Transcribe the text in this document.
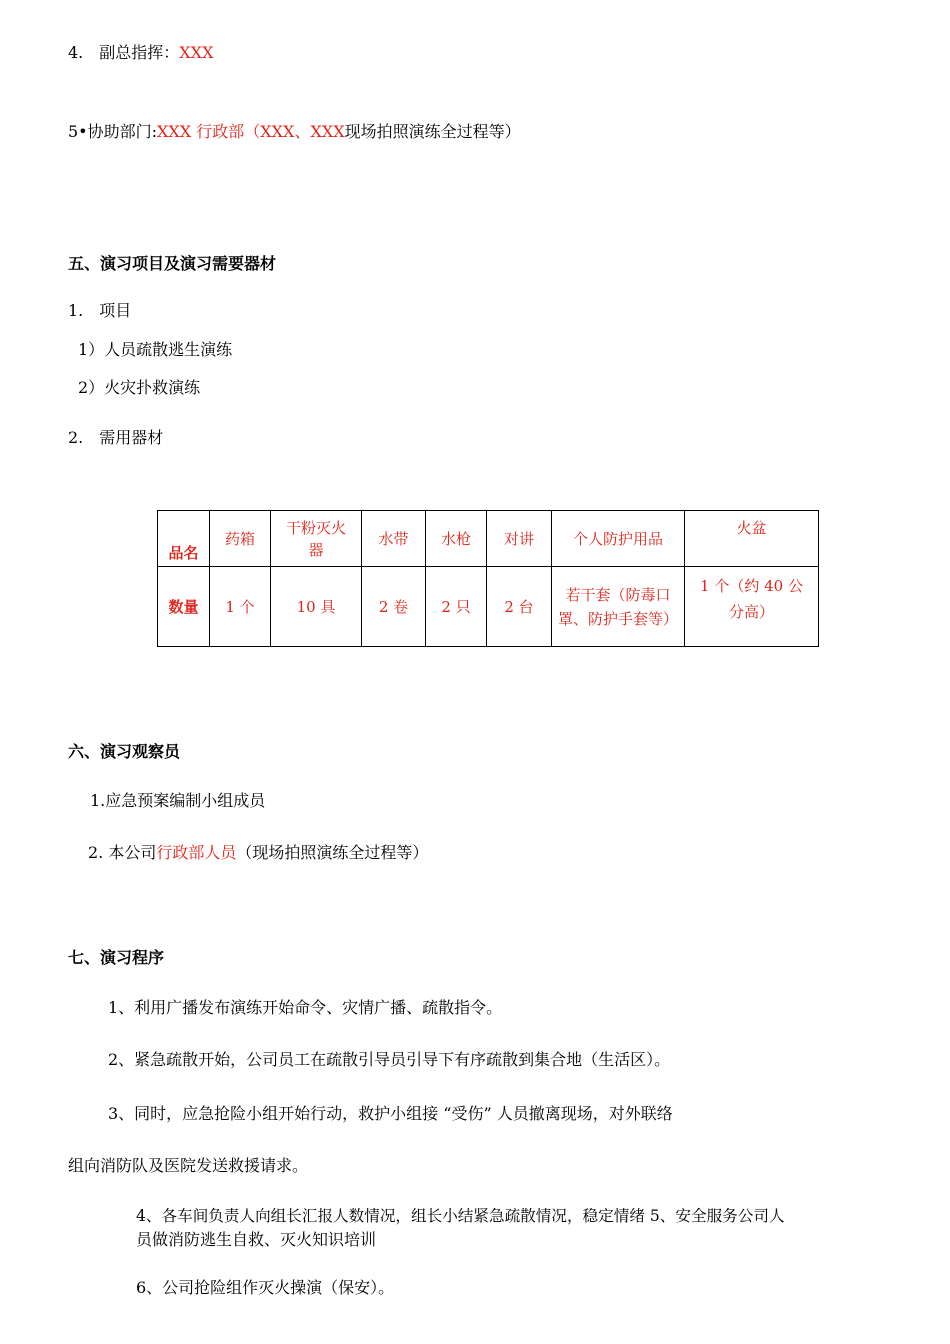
4.　副总指挥：XXX
5•协助部门:XXX 行政部（XXX、XXX现场拍照演练全过程等）
五、演习项目及演习需要器材
1.　项目
1）人员疏散逃生演练
2）火灾扑救演练
2.　需用器材
品名	药箱	干粉灭火器	水带	水枪	对讲	个人防护用品	火盆
数量	1 个	10 具	2 卷	2 只	2 台	若干套（防毒口罩、防护手套等）	1 个（约 40 公分高）
六、演习观察员
1.应急预案编制小组成员
2. 本公司行政部人员（现场拍照演练全过程等）
七、演习程序
1、利用广播发布演练开始命令、灾情广播、疏散指令。
2、紧急疏散开始，公司员工在疏散引导员引导下有序疏散到集合地（生活区）。
3、同时，应急抢险小组开始行动，救护小组接 “受伤” 人员撤离现场，对外联络
组向消防队及医院发送救援请求。
4、各车间负责人向组长汇报人数情况，组长小结紧急疏散情况，稳定情绪 5、安全服务公司人
员做消防逃生自救、灭火知识培训
6、公司抢险组作灭火操演（保安）。
